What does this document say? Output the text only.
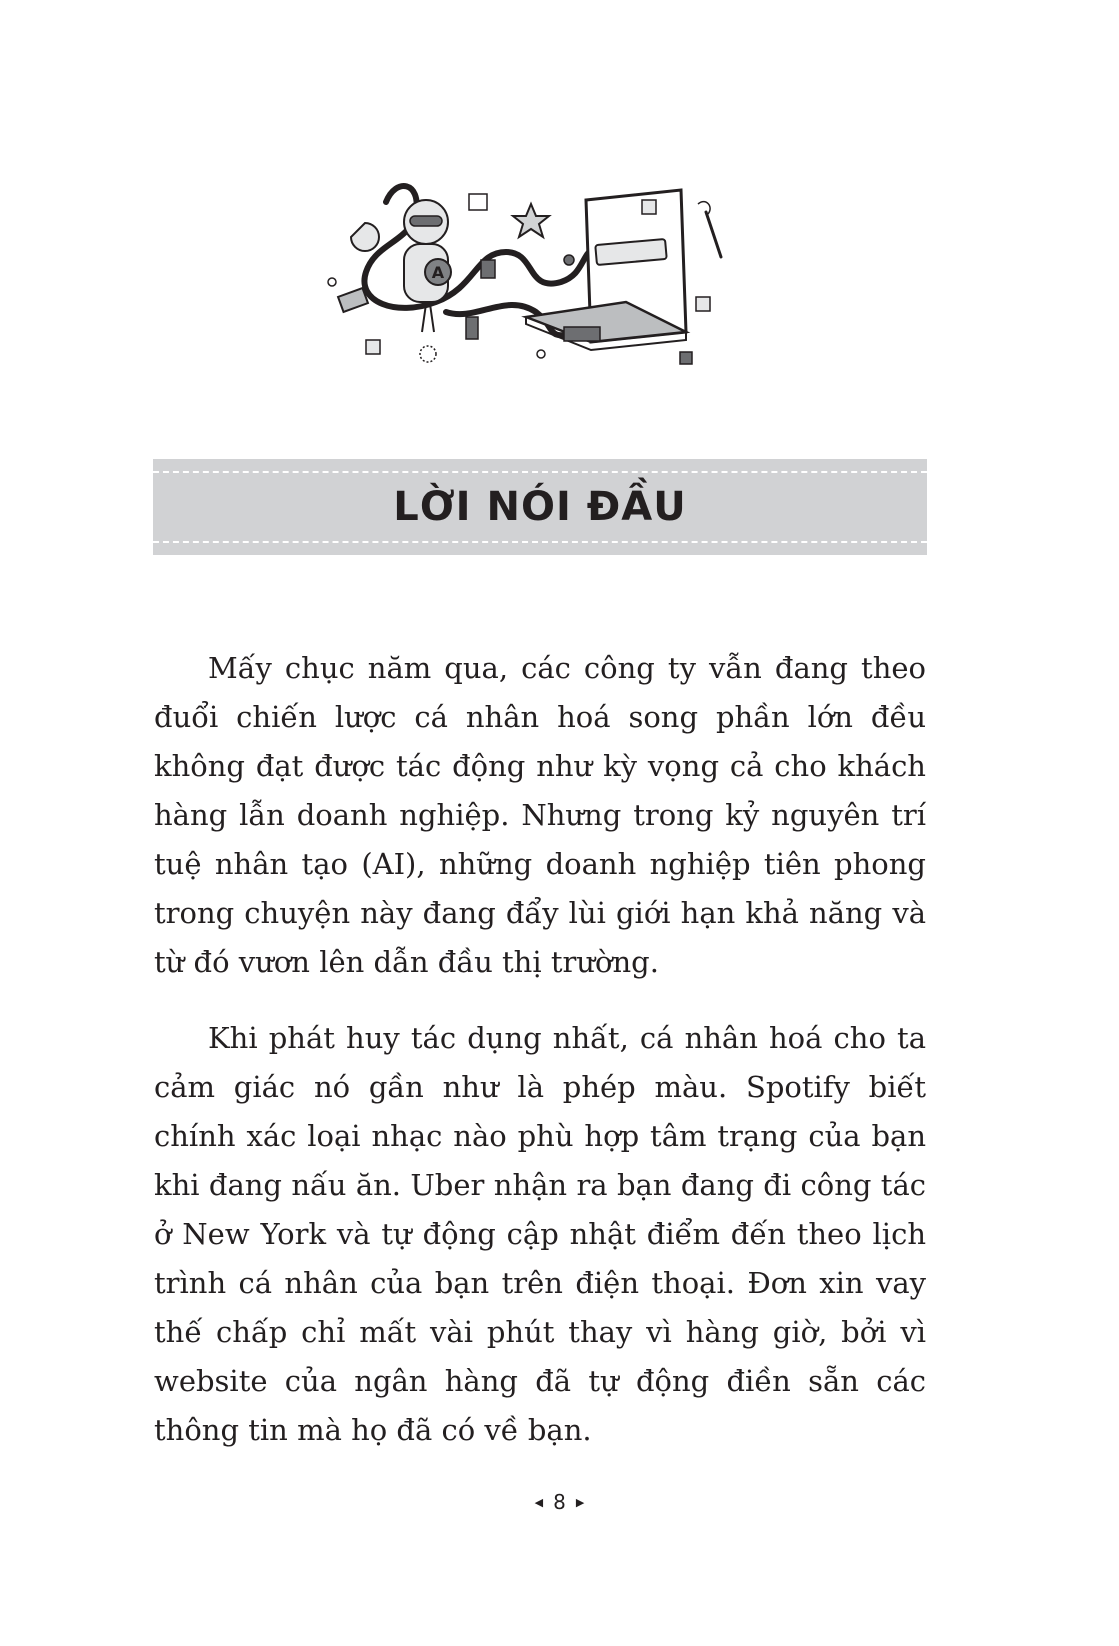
A
LỜI NÓI ĐẦU

Mấy chục năm qua, các công ty vẫn đang theo đuổi chiến lược cá nhân hoá song phần lớn đều không đạt được tác động như kỳ vọng cả cho khách hàng lẫn doanh nghiệp. Nhưng trong kỷ nguyên trí tuệ nhân tạo (AI), những doanh nghiệp tiên phong trong chuyện này đang đẩy lùi giới hạn khả năng và từ đó vươn lên dẫn đầu thị trường.

Khi phát huy tác dụng nhất, cá nhân hoá cho ta cảm giác nó gần như là phép màu. Spotify biết chính xác loại nhạc nào phù hợp tâm trạng của bạn khi đang nấu ăn. Uber nhận ra bạn đang đi công tác ở New York và tự động cập nhật điểm đến theo lịch trình cá nhân của bạn trên điện thoại. Đơn xin vay thế chấp chỉ mất vài phút thay vì hàng giờ, bởi vì website của ngân hàng đã tự động điền sẵn các thông tin mà họ đã có về bạn.

◀ 8 ▶
